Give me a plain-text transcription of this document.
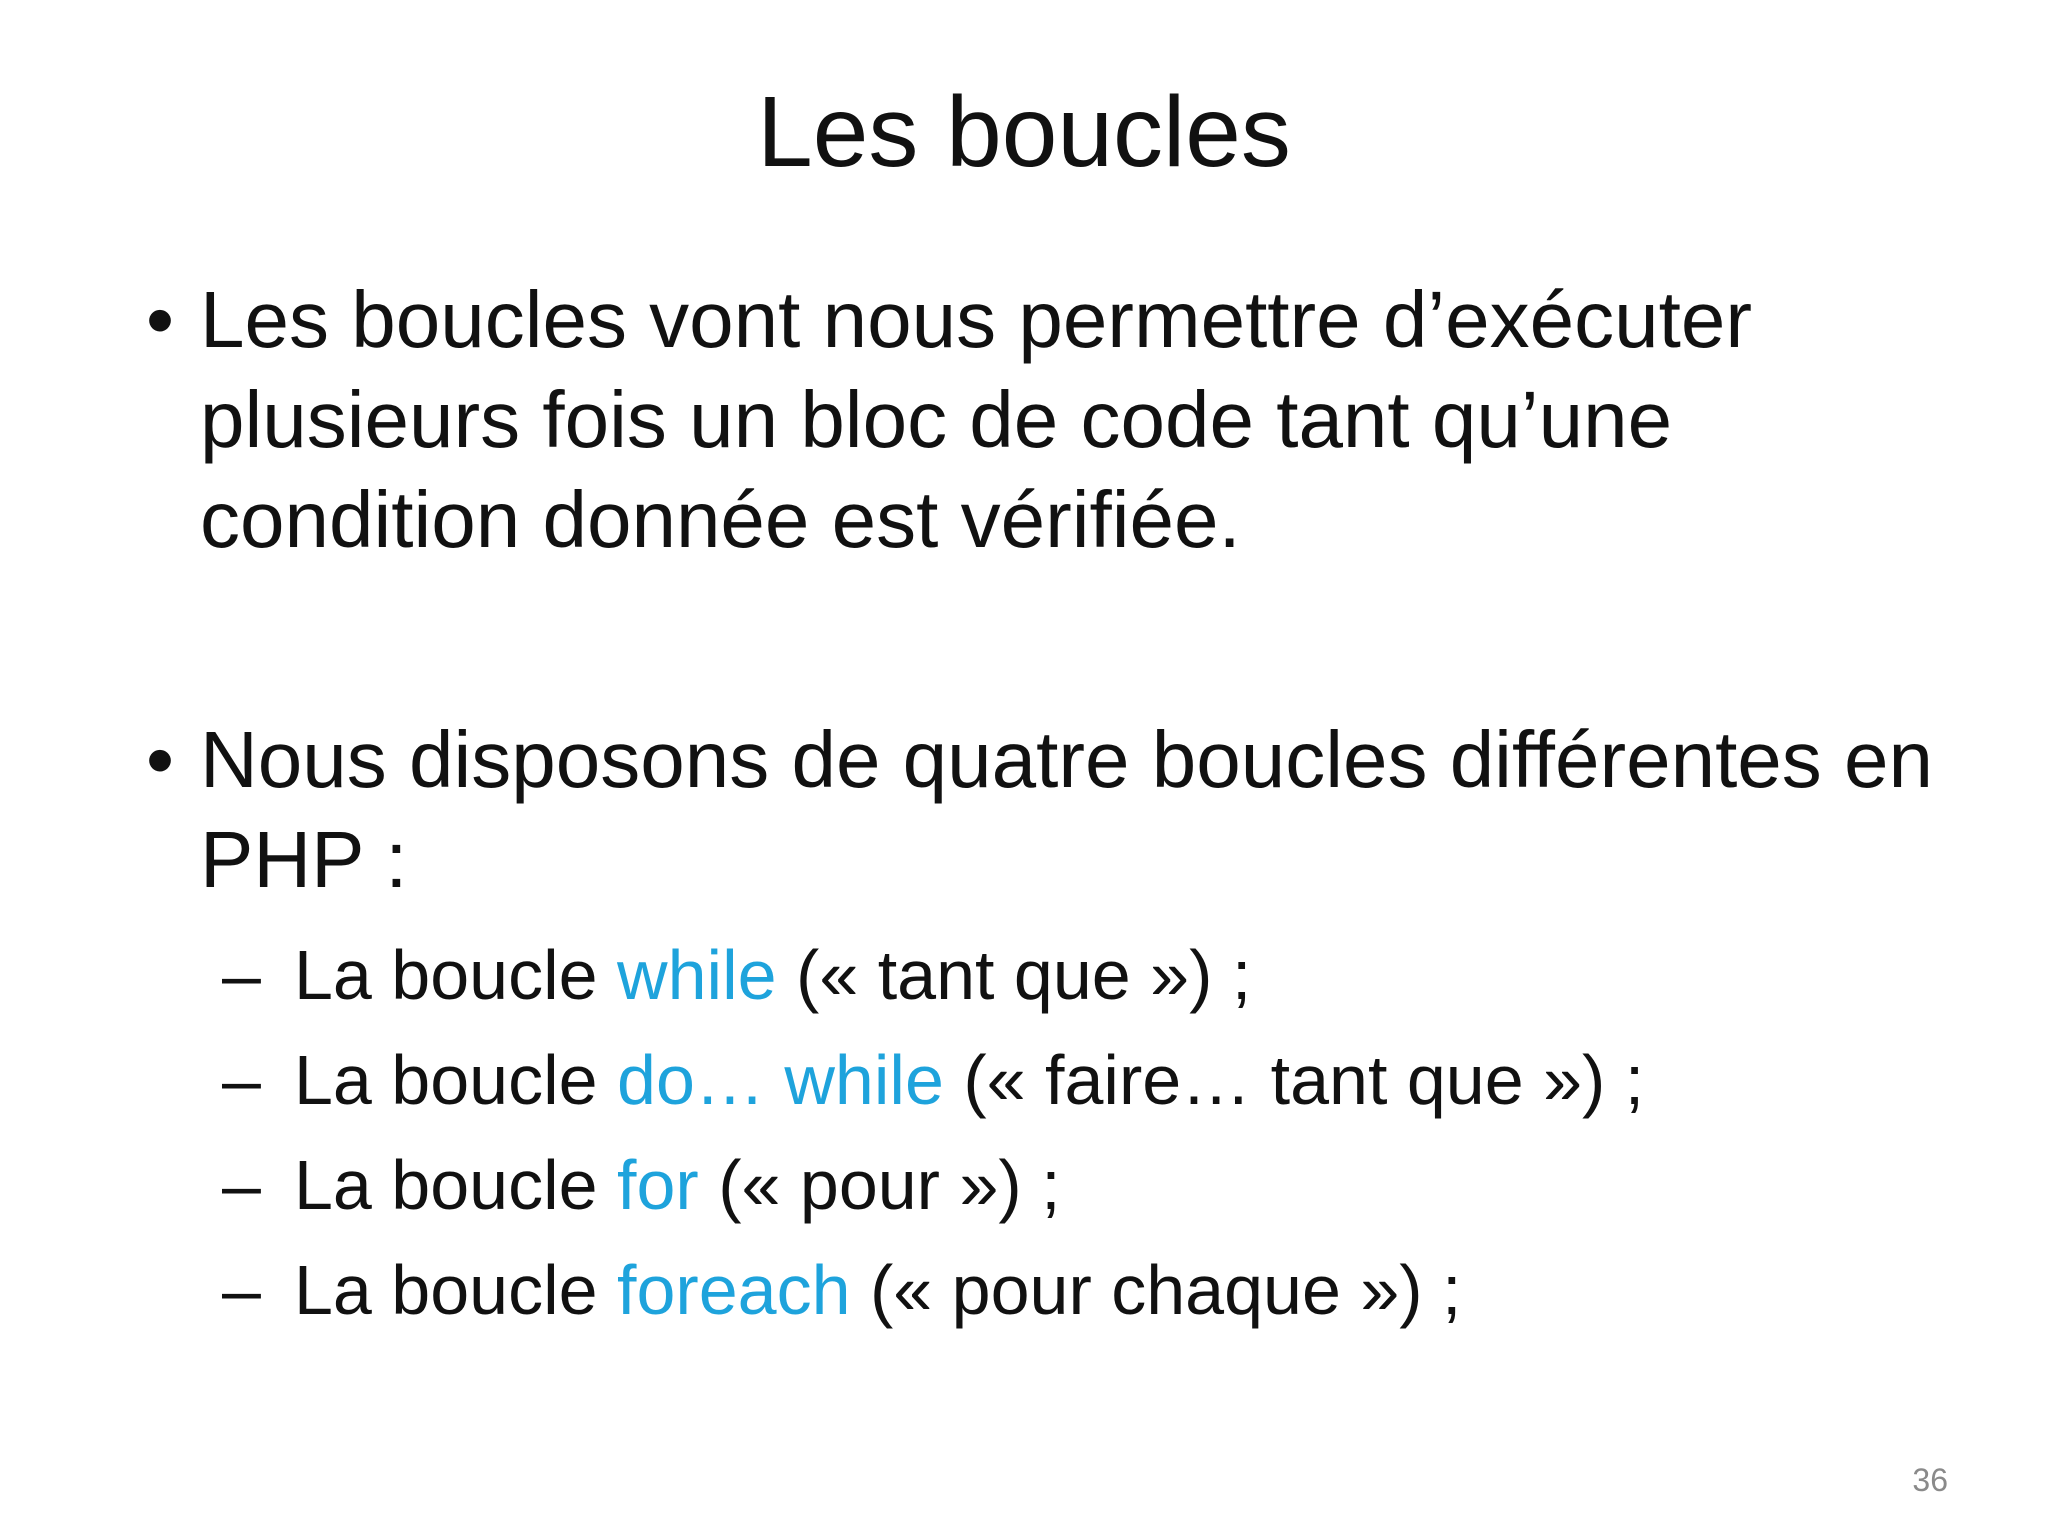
Les boucles
• Les boucles vont nous permettre d’exécuter plusieurs fois un bloc de code tant qu’une condition donnée est vérifiée.
• Nous disposons de quatre boucles différentes en PHP :
– La boucle while (« tant que ») ;
– La boucle do… while (« faire… tant que ») ;
– La boucle for (« pour ») ;
– La boucle foreach (« pour chaque ») ;
36
